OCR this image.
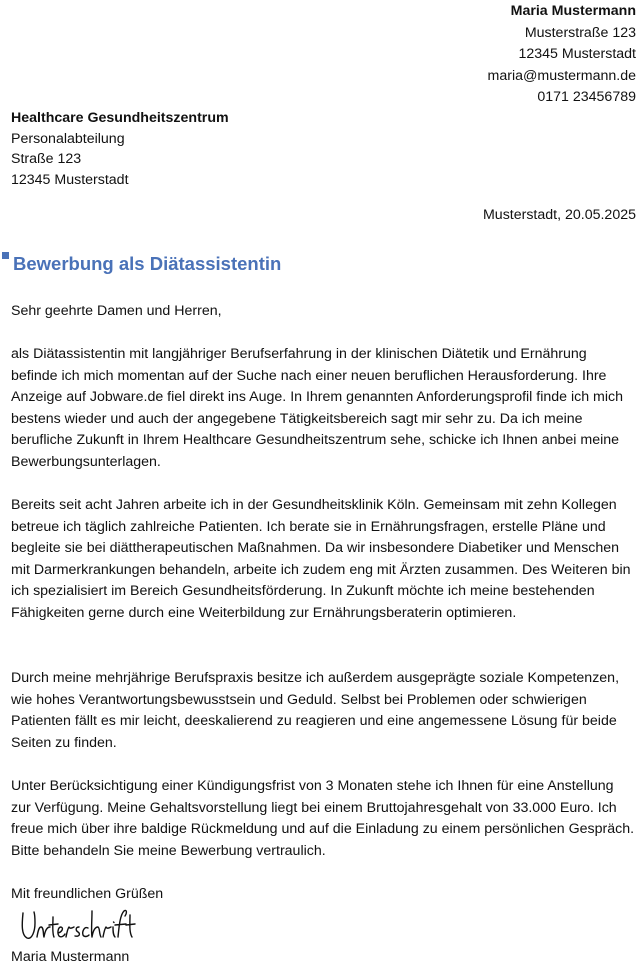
Maria Mustermann
Musterstraße 123
12345 Musterstadt
maria@mustermann.de
0171 23456789
Healthcare Gesundheitszentrum
Personalabteilung
Straße 123
12345 Musterstadt
Musterstadt, 20.05.2025
Bewerbung als Diätassistentin
Sehr geehrte Damen und Herren,
als Diätassistentin mit langjähriger Berufserfahrung in der klinischen Diätetik und Ernährung befinde ich mich momentan auf der Suche nach einer neuen beruflichen Herausforderung. Ihre Anzeige auf Jobware.de fiel direkt ins Auge. In Ihrem genannten Anforderungsprofil finde ich mich bestens wieder und auch der angegebene Tätigkeitsbereich sagt mir sehr zu. Da ich meine berufliche Zukunft in Ihrem Healthcare Gesundheitszentrum sehe, schicke ich Ihnen anbei meine Bewerbungsunterlagen.
Bereits seit acht Jahren arbeite ich in der Gesundheitsklinik Köln. Gemeinsam mit zehn Kollegen betreue ich täglich zahlreiche Patienten. Ich berate sie in Ernährungsfragen, erstelle Pläne und begleite sie bei diättherapeutischen Maßnahmen. Da wir insbesondere Diabetiker und Menschen mit Darmerkrankungen behandeln, arbeite ich zudem eng mit Ärzten zusammen. Des Weiteren bin ich spezialisiert im Bereich Gesundheitsförderung. In Zukunft möchte ich meine bestehenden Fähigkeiten gerne durch eine Weiterbildung zur Ernährungsberaterin optimieren.
Durch meine mehrjährige Berufspraxis besitze ich außerdem ausgeprägte soziale Kompetenzen, wie hohes Verantwortungsbewusstsein und Geduld. Selbst bei Problemen oder schwierigen Patienten fällt es mir leicht, deeskalierend zu reagieren und eine angemessene Lösung für beide Seiten zu finden.
Unter Berücksichtigung einer Kündigungsfrist von 3 Monaten stehe ich Ihnen für eine Anstellung zur Verfügung. Meine Gehaltsvorstellung liegt bei einem Bruttojahresgehalt von 33.000 Euro. Ich freue mich über ihre baldige Rückmeldung und auf die Einladung zu einem persönlichen Gespräch. Bitte behandeln Sie meine Bewerbung vertraulich.
Mit freundlichen Grüßen
Maria Mustermann
